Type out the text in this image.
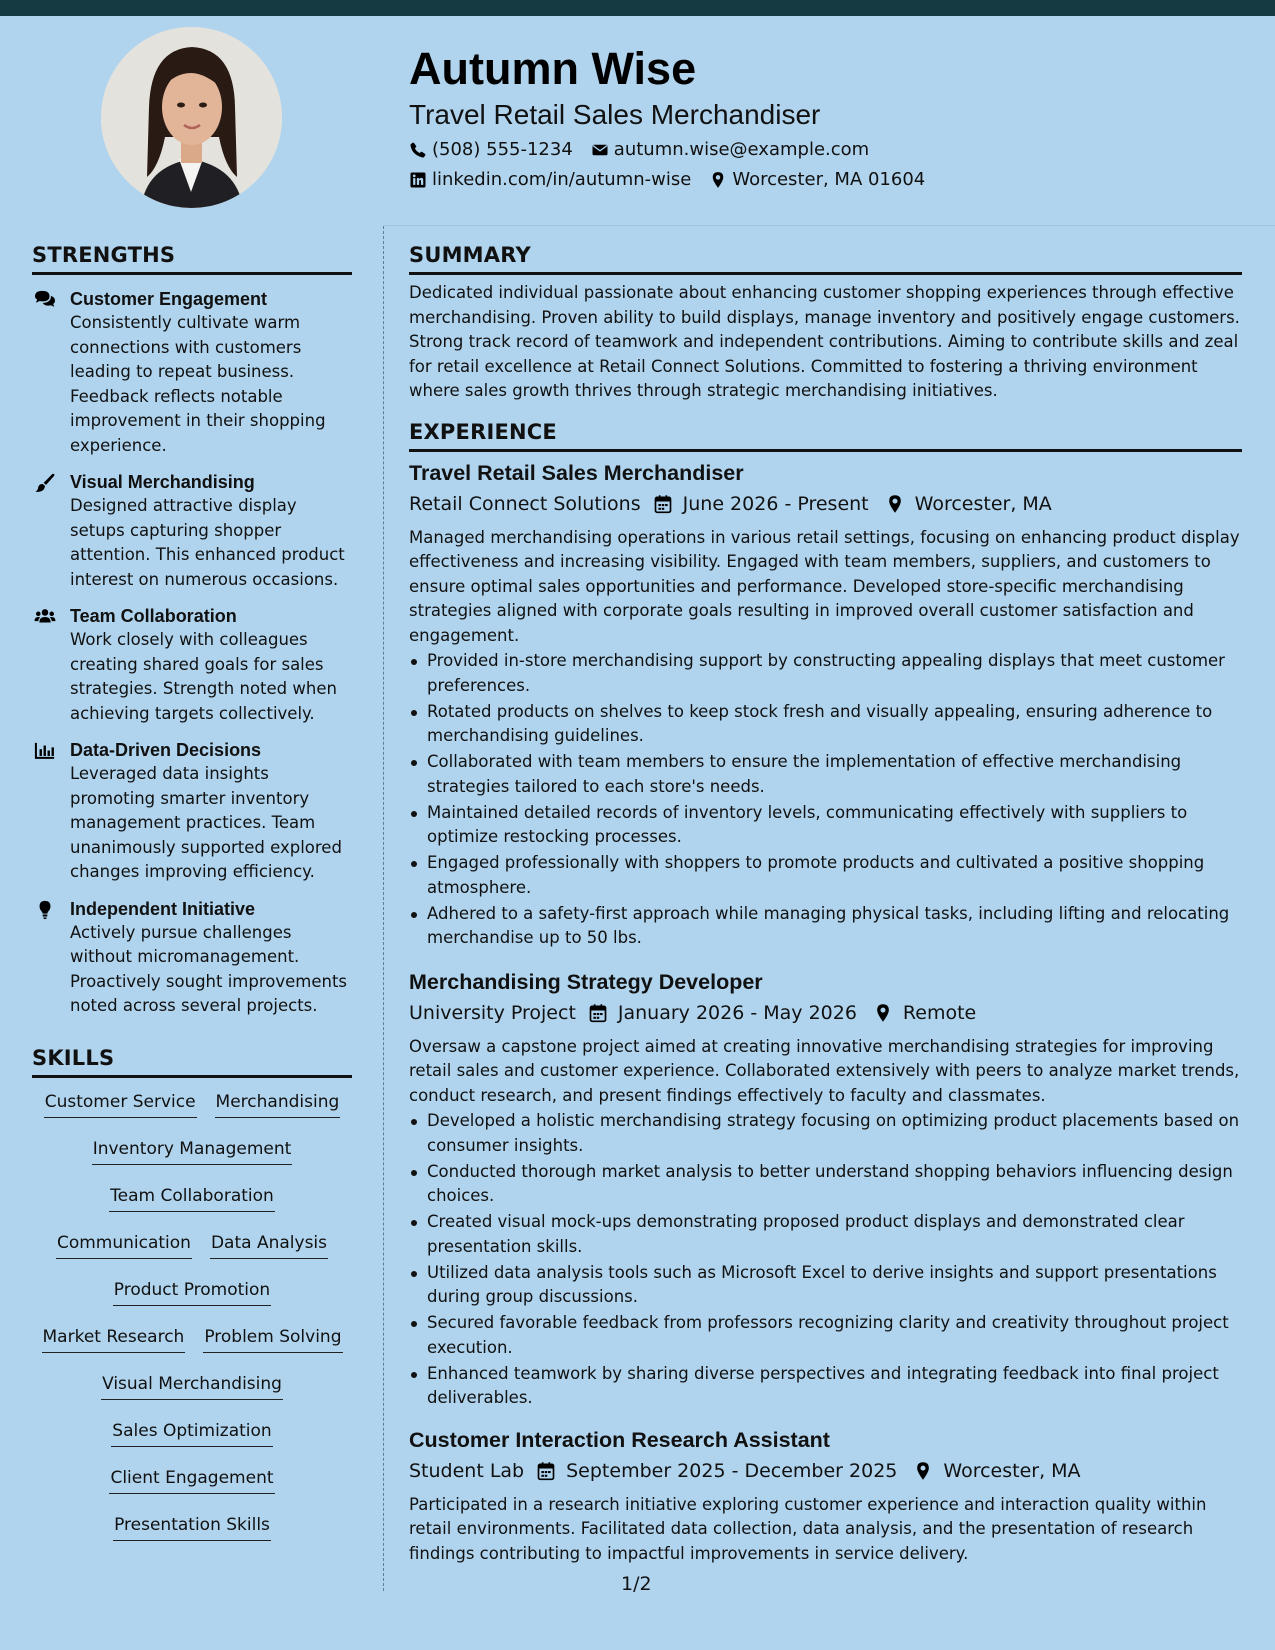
Autumn Wise
Travel Retail Sales Merchandiser
(508) 555-1234 autumn.wise@example.com
linkedin.com/in/autumn-wise Worcester, MA 01604
STRENGTHS
Customer Engagement
Consistently cultivate warm connections with customers leading to repeat business. Feedback reflects notable improvement in their shopping experience.
Visual Merchandising
Designed attractive display setups capturing shopper attention. This enhanced product interest on numerous occasions.
Team Collaboration
Work closely with colleagues creating shared goals for sales strategies. Strength noted when achieving targets collectively.
Data-Driven Decisions
Leveraged data insights promoting smarter inventory management practices. Team unanimously supported explored changes improving efficiency.
Independent Initiative
Actively pursue challenges without micromanagement. Proactively sought improvements noted across several projects.
SKILLS
Customer Service Merchandising
Inventory Management
Team Collaboration
Communication Data Analysis
Product Promotion
Market Research Problem Solving
Visual Merchandising
Sales Optimization
Client Engagement
Presentation Skills
SUMMARY
Dedicated individual passionate about enhancing customer shopping experiences through effective merchandising. Proven ability to build displays, manage inventory and positively engage customers. Strong track record of teamwork and independent contributions. Aiming to contribute skills and zeal for retail excellence at Retail Connect Solutions. Committed to fostering a thriving environment where sales growth thrives through strategic merchandising initiatives.
EXPERIENCE
Travel Retail Sales Merchandiser
Retail Connect Solutions June 2026 - Present Worcester, MA
Managed merchandising operations in various retail settings, focusing on enhancing product display effectiveness and increasing visibility. Engaged with team members, suppliers, and customers to ensure optimal sales opportunities and performance. Developed store-specific merchandising strategies aligned with corporate goals resulting in improved overall customer satisfaction and engagement.
Provided in-store merchandising support by constructing appealing displays that meet customer preferences.
Rotated products on shelves to keep stock fresh and visually appealing, ensuring adherence to merchandising guidelines.
Collaborated with team members to ensure the implementation of effective merchandising strategies tailored to each store's needs.
Maintained detailed records of inventory levels, communicating effectively with suppliers to optimize restocking processes.
Engaged professionally with shoppers to promote products and cultivated a positive shopping atmosphere.
Adhered to a safety-first approach while managing physical tasks, including lifting and relocating merchandise up to 50 lbs.
Merchandising Strategy Developer
University Project January 2026 - May 2026 Remote
Oversaw a capstone project aimed at creating innovative merchandising strategies for improving retail sales and customer experience. Collaborated extensively with peers to analyze market trends, conduct research, and present findings effectively to faculty and classmates.
Developed a holistic merchandising strategy focusing on optimizing product placements based on consumer insights.
Conducted thorough market analysis to better understand shopping behaviors influencing design choices.
Created visual mock-ups demonstrating proposed product displays and demonstrated clear presentation skills.
Utilized data analysis tools such as Microsoft Excel to derive insights and support presentations during group discussions.
Secured favorable feedback from professors recognizing clarity and creativity throughout project execution.
Enhanced teamwork by sharing diverse perspectives and integrating feedback into final project deliverables.
Customer Interaction Research Assistant
Student Lab September 2025 - December 2025 Worcester, MA
Participated in a research initiative exploring customer experience and interaction quality within retail environments. Facilitated data collection, data analysis, and the presentation of research findings contributing to impactful improvements in service delivery.
1/2
